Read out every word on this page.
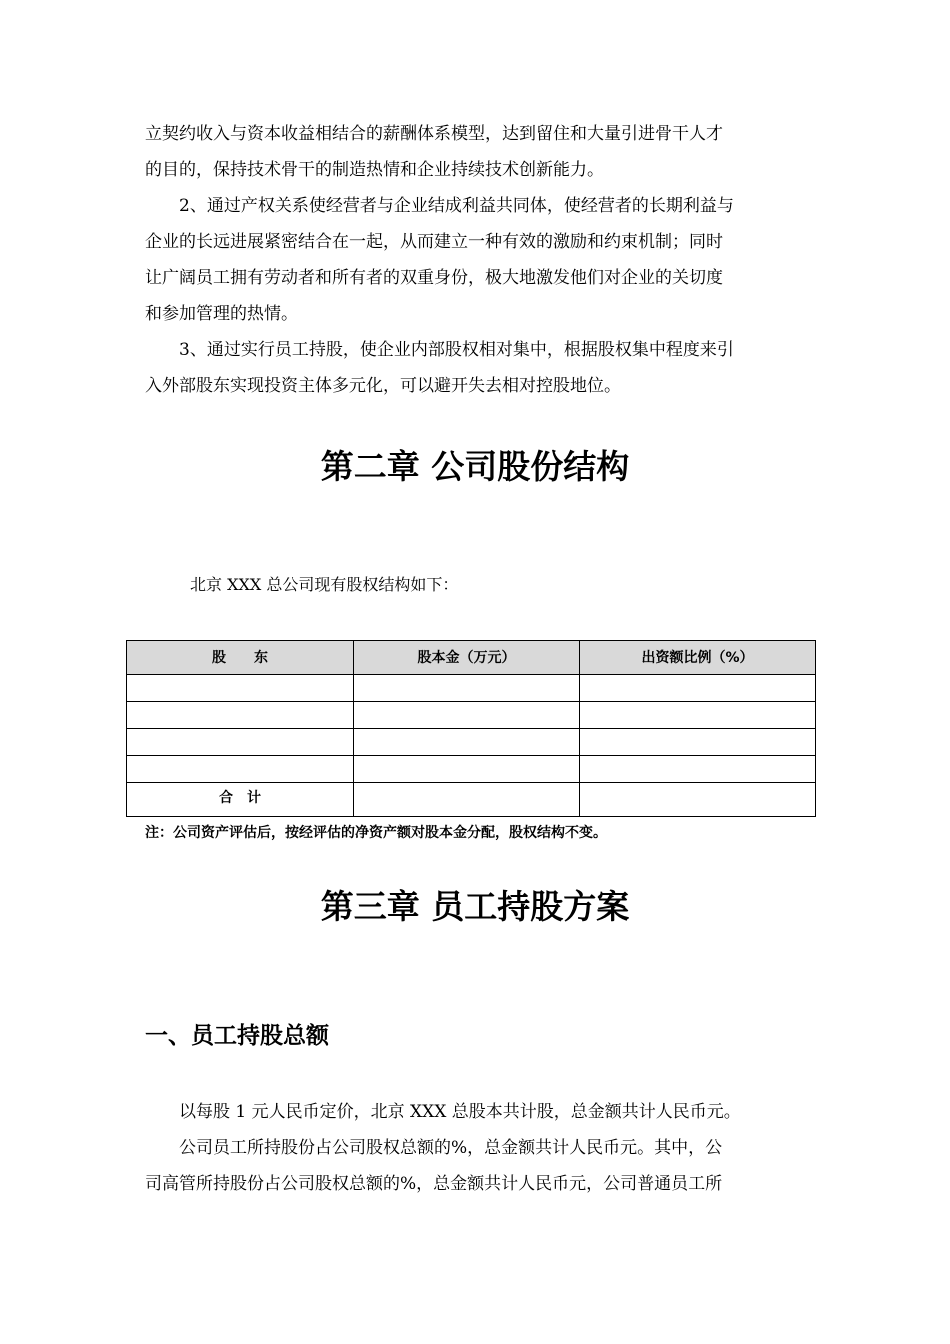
立契约收入与资本收益相结合的薪酬体系模型，达到留住和大量引进骨干人才
的目的，保持技术骨干的制造热情和企业持续技术创新能力。
　　2、通过产权关系使经营者与企业结成利益共同体，使经营者的长期利益与
企业的长远进展紧密结合在一起，从而建立一种有效的激励和约束机制；同时
让广阔员工拥有劳动者和所有者的双重身份，极大地激发他们对企业的关切度
和参加管理的热情。
　　3、通过实行员工持股，使企业内部股权相对集中，根据股权集中程度来引
入外部股东实现投资主体多元化，可以避开失去相对控股地位。
第二章 公司股份结构
北京 XXX 总公司现有股权结构如下：
股　　东	股本金（万元）	出资额比例（%）

合　计		
注：公司资产评估后，按经评估的净资产额对股本金分配，股权结构不变。
第三章 员工持股方案
一、员工持股总额
　　以每股 1 元人民币定价，北京 XXX 总股本共计股，总金额共计人民币元。
　　公司员工所持股份占公司股权总额的%，总金额共计人民币元。其中，公
司高管所持股份占公司股权总额的%，总金额共计人民币元，公司普通员工所
